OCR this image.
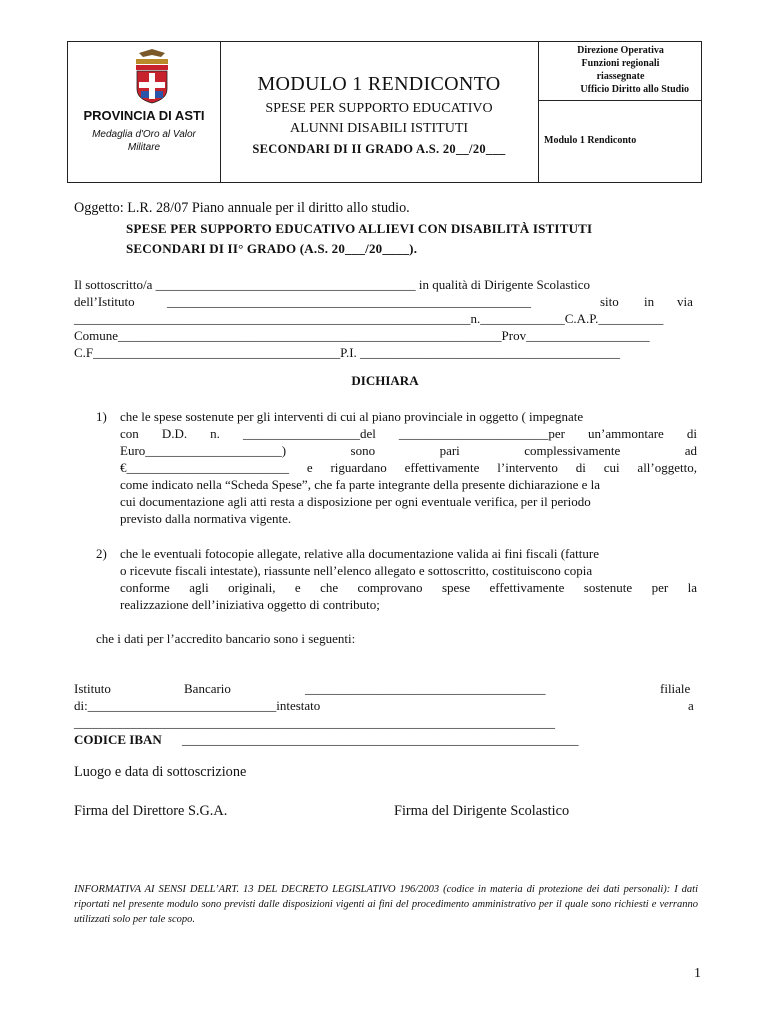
PROVINCIA DI ASTI
Medaglia d'Oro al Valor Militare
MODULO 1 RENDICONTO
SPESE PER SUPPORTO EDUCATIVO
ALUNNI DISABILI ISTITUTI
SECONDARI DI II GRADO A.S. 20__/20___
Direzione Operativa
Funzioni regionali
riassegnate
Ufficio Diritto allo Studio
Modulo 1 Rendiconto
Oggetto: L.R. 28/07 Piano annuale per il diritto allo studio.
SPESE PER SUPPORTO EDUCATIVO ALLIEVI CON DISABILITÀ ISTITUTI
SECONDARI DI II° GRADO (A.S. 20___/20____).
Il sottoscritto/a ________________________________________ in qualità di Dirigente Scolastico
dell’Istituto ________________________________________________________	sito in via
_____________________________________________________________n._____________C.A.P.__________
Comune___________________________________________________________Prov___________________
C.F______________________________________P.I. ________________________________________
DICHIARA
1) che le spese sostenute per gli interventi di cui al piano provinciale in oggetto ( impegnate
con D.D. n. __________________del _______________________per un’ammontare di
Euro_____________________) sono pari complessivamente ad
€_________________________ e riguardano effettivamente l’intervento di cui all’oggetto,
come indicato nella “Scheda Spese”, che fa parte integrante della presente dichiarazione e la
cui documentazione agli atti resta a disposizione per ogni eventuale verifica, per il periodo
previsto dalla normativa vigente.
2) che le eventuali fotocopie allegate, relative alla documentazione valida ai fini fiscali (fatture
o ricevute fiscali intestate), riassunte nell’elenco allegato e sottoscritto, costituiscono copia
conforme agli originali, e che comprovano spese effettivamente sostenute per la
realizzazione dell’iniziativa oggetto di contributo;
che i dati per l’accredito bancario sono i seguenti:
Istituto	Bancario	_____________________________________	filiale
di:_____________________________intestato	a
__________________________________________________________________________
CODICE IBAN _____________________________________________________________
Luogo e data di sottoscrizione
Firma del Direttore S.G.A.	Firma del Dirigente Scolastico
INFORMATIVA AI SENSI DELL’ART. 13 DEL DECRETO LEGISLATIVO 196/2003 (codice in materia di protezione dei dati personali): I dati riportati nel presente modulo sono previsti dalle disposizioni vigenti ai fini del procedimento amministrativo per il quale sono richiesti e verranno utilizzati solo per tale scopo.
1
